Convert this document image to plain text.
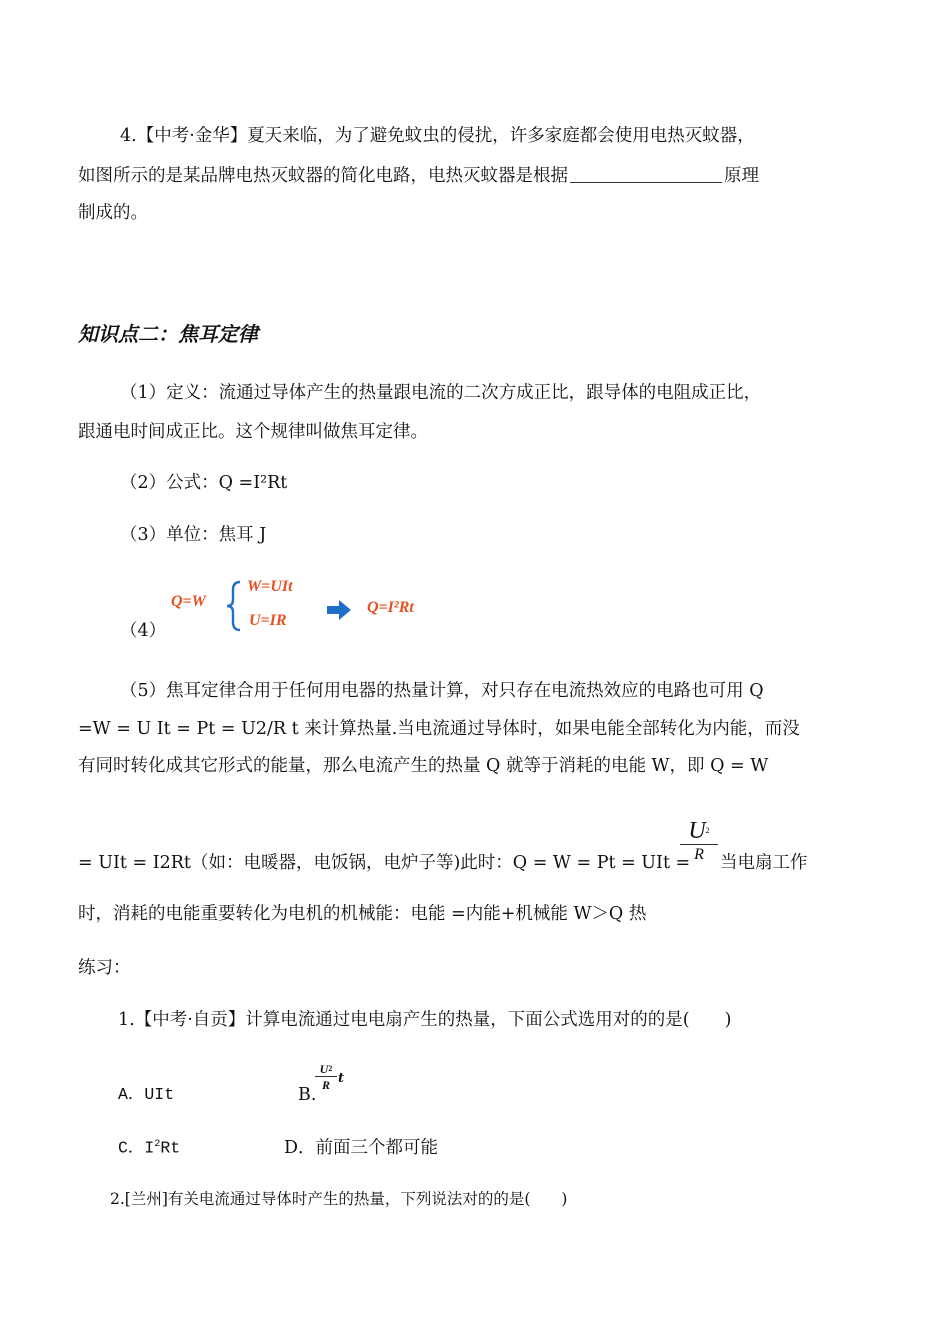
4.【中考·金华】夏天来临，为了避免蚊虫的侵扰，许多家庭都会使用电热灭蚊器，
如图所示的是某品牌电热灭蚊器的简化电路，电热灭蚊器是根据	原理
制成的。
知识点二：焦耳定律
（1）定义：流通过导体产生的热量跟电流的二次方成正比，跟导体的电阻成正比，
跟通电时间成正比。这个规律叫做焦耳定律。
（2）公式：Q =I²Rt
（3）单位：焦耳 J
（4）
Q=W
W=UIt
U=IR
Q=I²Rt
（5）焦耳定律合用于任何用电器的热量计算，对只存在电流热效应的电路也可用 Q
=W = U It = Pt = U2/R t 来计算热量.当电流通过导体时，如果电能全部转化为内能，而没
有同时转化成其它形式的能量，那么电流产生的热量 Q 就等于消耗的电能 W，即 Q = W
= UIt = I2Rt（如：电暖器，电饭锅，电炉子等)此时：Q = W = Pt = UIt =
$U^2$
R 当电扇工作
时，消耗的电能重要转化为电机的机械能：电能 =内能+机械能 W＞Q 热
练习：
1.【中考·自贡】计算电流通过电电扇产生的热量，下面公式选用对的的是(　　)
A．UIt	B.
$\frac{U^2}{R}$ t
C．$I^2Rt$	D．前面三个都可能
2.[兰州]有关电流通过导体时产生的热量，下列说法对的的是(　　)
